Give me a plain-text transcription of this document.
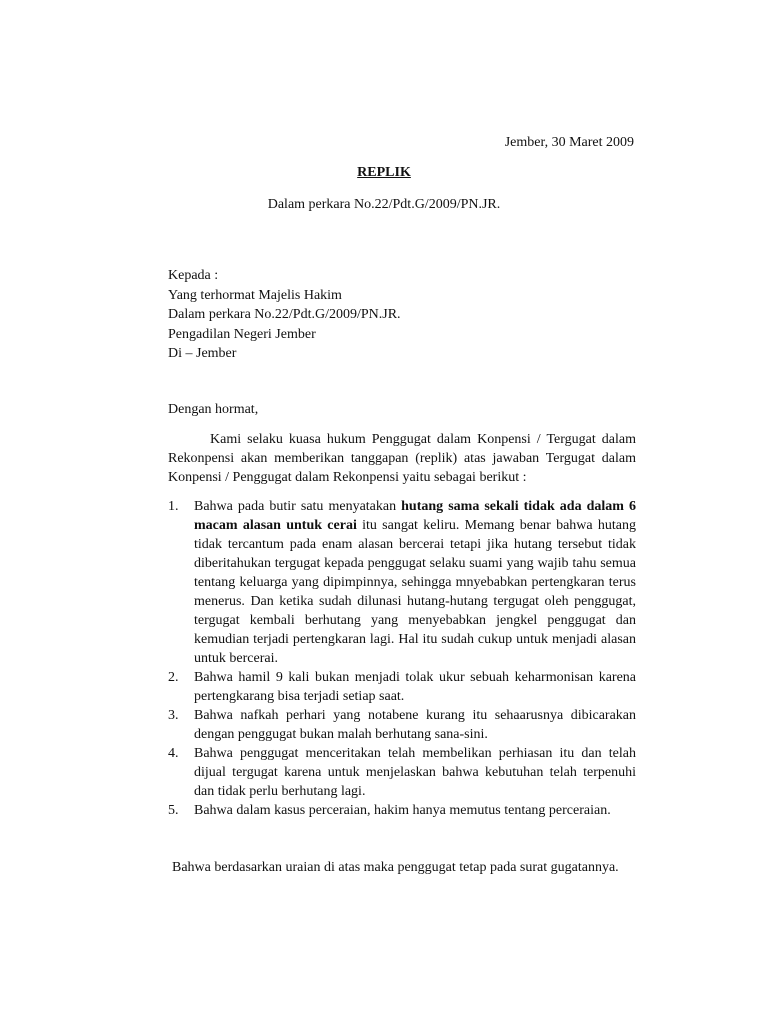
Jember, 30 Maret 2009
REPLIK
Dalam perkara No.22/Pdt.G/2009/PN.JR.
Kepada :
Yang terhormat Majelis Hakim
Dalam perkara No.22/Pdt.G/2009/PN.JR.
Pengadilan Negeri Jember
Di – Jember
Dengan hormat,
Kami selaku kuasa hukum Penggugat dalam Konpensi / Tergugat dalam Rekonpensi akan memberikan tanggapan (replik) atas jawaban Tergugat dalam Konpensi / Penggugat dalam Rekonpensi yaitu sebagai berikut :
1. Bahwa pada butir satu menyatakan hutang sama sekali tidak ada dalam 6 macam alasan untuk cerai itu sangat keliru. Memang benar bahwa hutang tidak tercantum pada enam alasan bercerai tetapi jika hutang tersebut tidak diberitahukan tergugat kepada penggugat selaku suami yang wajib tahu semua tentang keluarga yang dipimpinnya, sehingga mnyebabkan pertengkaran terus menerus. Dan ketika sudah dilunasi hutang-hutang tergugat oleh penggugat, tergugat kembali berhutang yang menyebabkan jengkel penggugat dan kemudian terjadi pertengkaran lagi. Hal itu sudah cukup untuk menjadi alasan untuk bercerai.
2. Bahwa hamil 9 kali bukan menjadi tolak ukur sebuah keharmonisan karena pertengkarang bisa terjadi setiap saat.
3. Bahwa nafkah perhari yang notabene kurang itu sehaarusnya dibicarakan dengan penggugat bukan malah berhutang sana-sini.
4. Bahwa penggugat menceritakan telah membelikan perhiasan itu dan telah dijual tergugat karena untuk menjelaskan bahwa kebutuhan telah terpenuhi dan tidak perlu berhutang lagi.
5. Bahwa dalam kasus perceraian, hakim hanya memutus tentang perceraian.
Bahwa berdasarkan uraian di atas maka penggugat tetap pada surat gugatannya.
